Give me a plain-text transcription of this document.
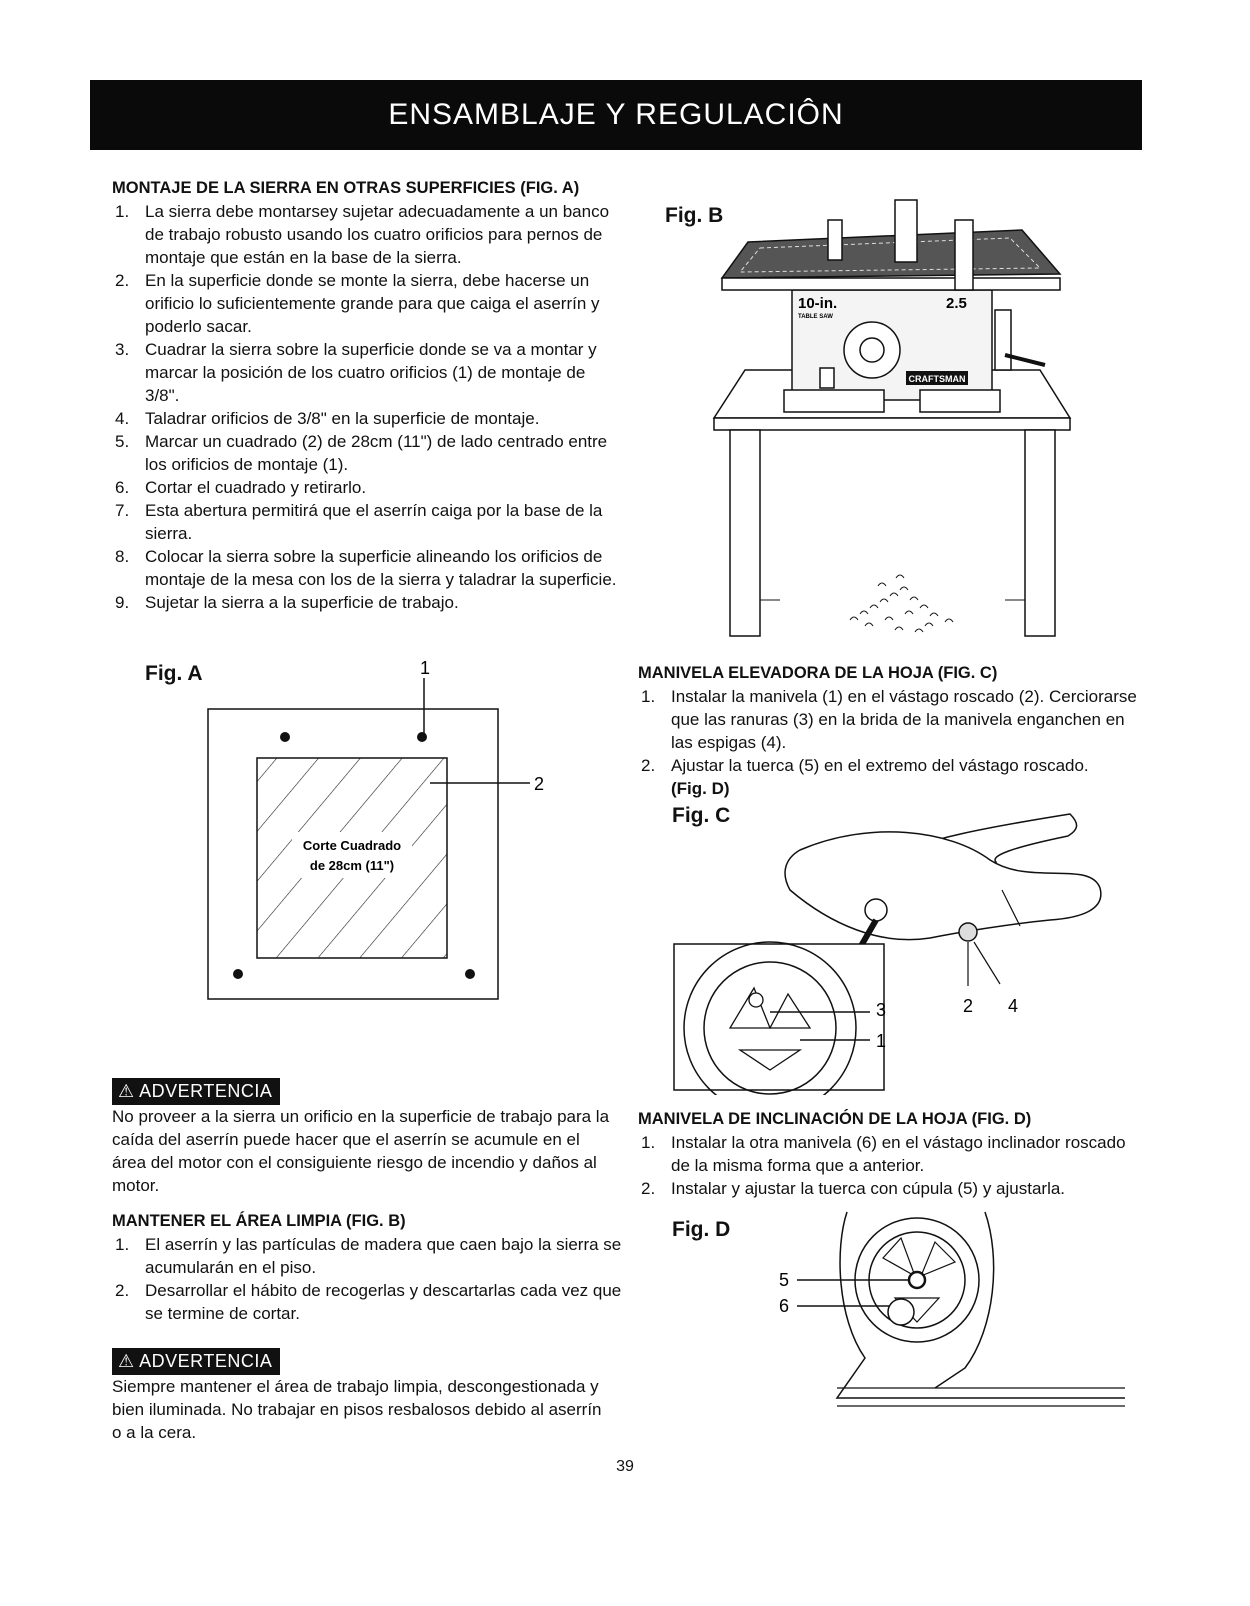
ENSAMBLAJE Y REGULACIÔN

MONTAJE DE LA SIERRA EN OTRAS SUPERFICIES (FIG. A)

1. La sierra debe montarsey sujetar adecuadamente a un banco de trabajo robusto usando los cuatro orificios para pernos de montaje que están en la base de la sierra.
2. En la superficie donde se monte la sierra, debe hacerse un orificio lo suficientemente grande para que caiga el aserrín y poderlo sacar.
3. Cuadrar la sierra sobre la superficie donde se va a montar y marcar la posición de los cuatro orificios (1) de montaje de 3/8".
4. Taladrar orificios de 3/8" en la superficie de montaje.
5. Marcar un cuadrado (2) de 28cm (11") de lado centrado entre los orificios de montaje (1).
6. Cortar el cuadrado y retirarlo.
7. Esta abertura permitirá que el aserrín caiga por la base de la sierra.
8. Colocar la sierra sobre la superficie alineando los orificios de montaje de la mesa con los de la sierra y taladrar la superficie.
9. Sujetar la sierra a la superficie de trabajo.
Fig. A	1
2
Corte Cuadrado
de 28cm (11")
⚠ ADVERTENCIA

No proveer a la sierra un orificio en la superficie de trabajo para la caída del aserrín puede hacer que el aserrín se acumule en el área del motor con el consiguiente riesgo de incendio y daños al motor.

MANTENER EL ÁREA LIMPIA (FIG. B)

1. El aserrín y las partículas de madera que caen bajo la sierra se acumularán en el piso.
2. Desarrollar el hábito de recogerlas y descartarlas cada vez que se termine de cortar.
⚠ ADVERTENCIA

Siempre mantener el área de trabajo limpia, descongestionada y bien iluminada. No trabajar en pisos resbalosos debido al aserrín o a la cera.

Fig. B
10-in.
TABLE SAW
2.5
CRAFTSMAN

MANIVELA ELEVADORA DE LA HOJA (FIG. C)

1. Instalar la manivela (1) en el vástago roscado (2). Cerciorarse que las ranuras (3) en la brida de la manivela enganchen en las espigas (4).
2. Ajustar la tuerca (5) en el extremo del vástago roscado.
(Fig. D)
Fig. C
3
1
2 4

MANIVELA DE INCLINACIÓN DE LA HOJA (FIG. D)

1. Instalar la otra manivela (6) en el vástago inclinador roscado de la misma forma que a anterior.
2. Instalar y ajustar la tuerca con cúpula (5) y ajustarla.
Fig. D
5
6
39
